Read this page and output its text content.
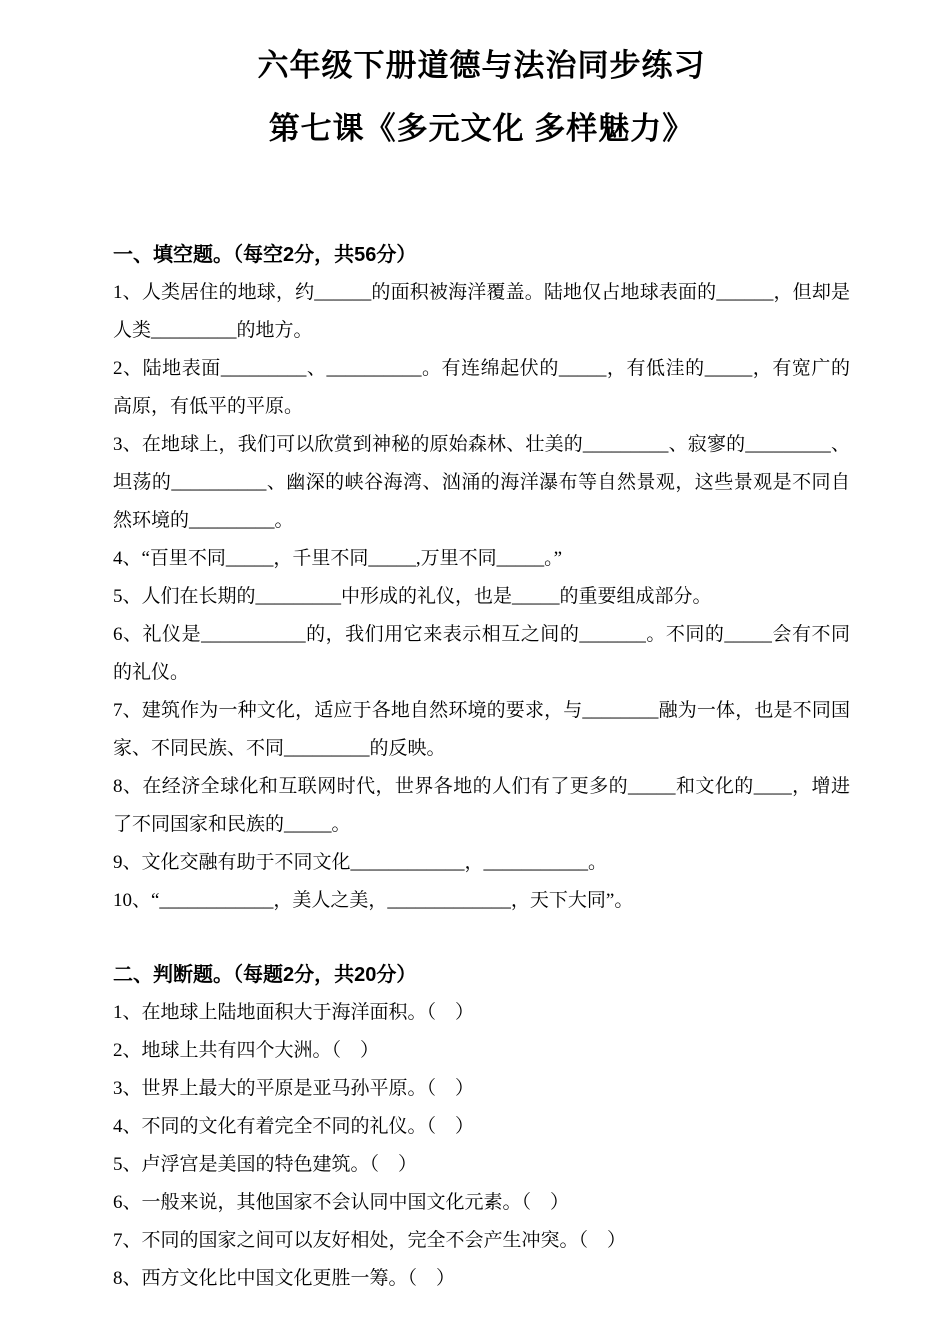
六年级下册道德与法治同步练习
第七课《多元文化 多样魅力》

一、填空题。（每空2分，共56分）

1、人类居住的地球，约______的面积被海洋覆盖。陆地仅占地球表面的______，但却是人类_________的地方。

2、陆地表面_________、__________。有连绵起伏的_____，有低洼的_____，有宽广的高原，有低平的平原。

3、在地球上，我们可以欣赏到神秘的原始森林、壮美的_________、寂寥的_________、坦荡的__________、幽深的峡谷海湾、汹涌的海洋瀑布等自然景观，这些景观是不同自然环境的_________。

4、“百里不同_____，千里不同_____,万里不同_____。”

5、人们在长期的_________中形成的礼仪，也是_____的重要组成部分。

6、礼仪是___________的，我们用它来表示相互之间的_______。不同的_____会有不同的礼仪。

7、建筑作为一种文化，适应于各地自然环境的要求，与________融为一体，也是不同国家、不同民族、不同_________的反映。

8、在经济全球化和互联网时代，世界各地的人们有了更多的_____和文化的____，增进了不同国家和民族的_____。

9、文化交融有助于不同文化____________，___________。

10、“____________，美人之美，_____________，天下大同”。

二、判断题。（每题2分，共20分）

1、在地球上陆地面积大于海洋面积。（　）

2、地球上共有四个大洲。（　）

3、世界上最大的平原是亚马孙平原。（　）

4、不同的文化有着完全不同的礼仪。（　）

5、卢浮宫是美国的特色建筑。（　）

6、一般来说，其他国家不会认同中国文化元素。（　）

7、不同的国家之间可以友好相处，完全不会产生冲突。（　）

8、西方文化比中国文化更胜一筹。（　）
